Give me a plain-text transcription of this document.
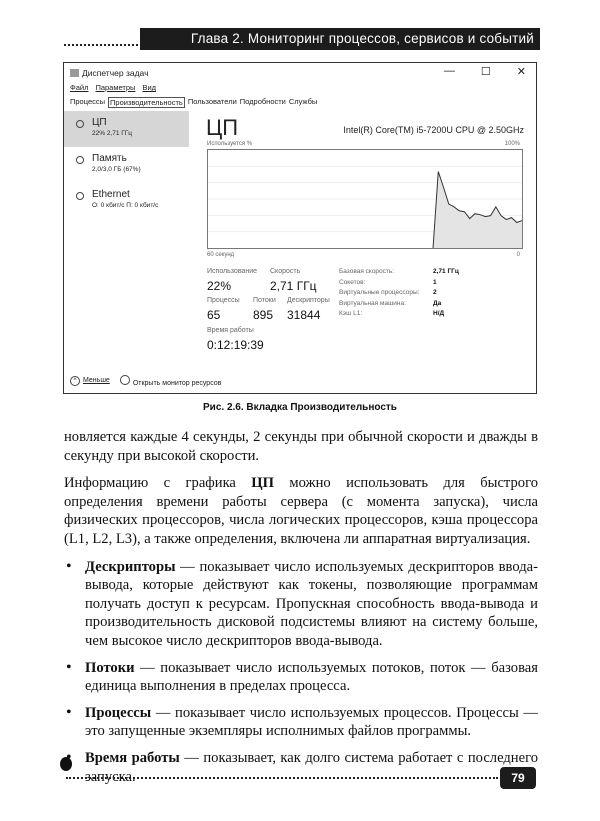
Глава 2. Мониторинг процессов, сервисов и событий
Диспетчер задач	— ☐ ✕
Файл Параметры Вид
Процессы Производительность Пользователи Подробности Службы
ЦП
22% 2,71 ГГц
Память
2,0/3,0 ГБ (67%)
Ethernet
О: 0 кбит/с П: 0 кбит/с
ЦП	Intel(R) Core(TM) i5-7200U CPU @ 2.50GHz
Используется %	100%
60 секунд	0
Использование
22%
Скорость
2,71 ГГц
Процессы
65
Потоки
895
Дескрипторы
31844
Время работы
0:12:19:39
Базовая скорость:	2,71 ГГц
Сокетов:	1
Виртуальные процессоры:	2
Виртуальная машина:	Да
Кэш L1:	Н/Д
^ Меньше	Открыть монитор ресурсов
Рис. 2.6. Вкладка Производительность

новляется каждые 4 секунды, 2 секунды при обычной скорости и дважды в секунду при высокой скорости.

Информацию с графика ЦП можно использовать для быстрого определения времени работы сервера (с момента запуска), числа физических процессоров, числа логических процессоров, кэша процессора (L1, L2, L3), а также определения, включена ли аппаратная виртуализация.

• Дескрипторы — показывает число используемых дескрипторов ввода-вывода, которые действуют как токены, позволяющие программам получать доступ к ресурсам. Пропускная способность ввода-вывода и производительность дисковой подсистемы влияют на систему больше, чем высокое число дескрипторов ввода-вывода.
• Потоки — показывает число используемых потоков, поток — базовая единица выполнения в пределах процесса.
• Процессы — показывает число используемых процессов. Процессы — это запущенные экземпляры исполнимых файлов программы.
• Время работы — показывает, как долго система работает с последнего запуска.	79
